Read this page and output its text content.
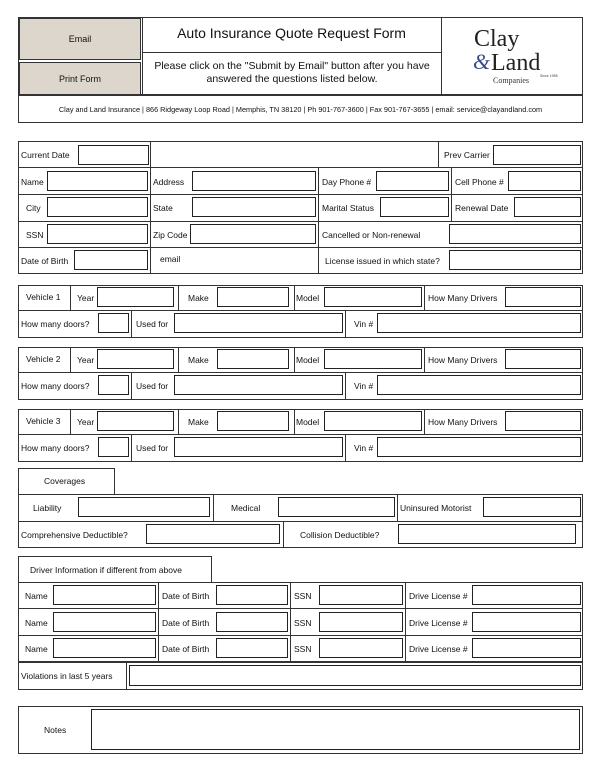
Email
Print Form
Auto Insurance Quote Request Form
Please click on the "Submit by Email" button after you have answered the questions listed below.
Clay
& Land Since 1958
Companies
Clay and Land Insurance | 866 Ridgeway Loop Road | Memphis, TN 38120 | Ph 901-767-3600 | Fax 901-767-3655 | email: service@clayandland.com
Current Date	Prev Carrier
Name	Address	Day Phone #	Cell Phone #
City	State	Marital Status	Renewal Date
SSN	Zip Code	Cancelled or Non-renewal
Date of Birth	email	License issued in which state?
Vehicle 1 Year	Make	Model	How Many Drivers
How many doors?	Used for	Vin #
Vehicle 2 Year	Make	Model	How Many Drivers
How many doors?	Used for	Vin #
Vehicle 3 Year	Make	Model	How Many Drivers
How many doors?	Used for	Vin #
Coverages
Liability	Medical	Uninsured Motorist
Comprehensive Deductible?	Collision Deductible?
Driver Information if different from above
Name	Date of Birth	SSN	Drive License #
Name	Date of Birth	SSN	Drive License #
Name	Date of Birth	SSN	Drive License #
Violations in last 5 years
Notes
